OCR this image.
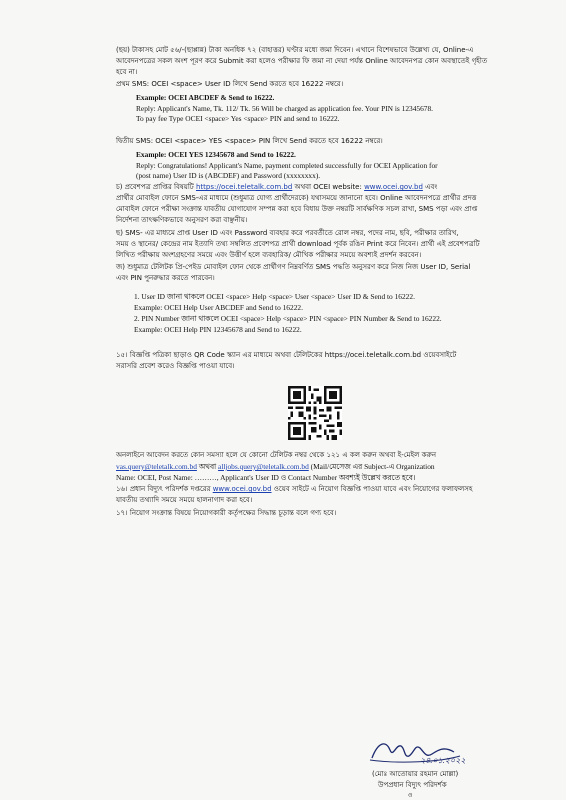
(ছয়) টাকাসহ মোট ৫৬/-(ছাপ্পান্ন) টাকা অনধিক ৭২ (বাহাত্তর) ঘণ্টার মধ্যে জমা দিবেন। এখানে বিশেষভাবে উল্লেখ্য যে, Online-এ
আবেদনপত্রের সকল অংশ পূরণ করে Submit করা হলেও পরীক্ষার ফি জমা না দেয়া পর্যন্ত Online আবেদনপত্র কোন অবস্থাতেই গৃহীত
হবে না।
প্রথম SMS: OCEI <space> User ID লিখে Send করতে হবে 16222 নম্বরে।
Example: OCEI ABCDEF & Send to 16222.
Reply: Applicant's Name, Tk. 112/ Tk. 56 Will be charged as application fee. Your PIN is 12345678.
To pay fee Type OCEI <space> Yes <space> PIN and send to 16222.
দ্বিতীয় SMS: OCEI <space> YES <space> PIN লিখে Send করতে হবে 16222 নম্বরে।
Example: OCEI YES 12345678 and Send to 16222.
Reply: Congratulations! Applicant's Name, payment completed successfully for OCEI Application for
(post name) User ID is (ABCDEF) and Password (xxxxxxxx).
চ) প্রবেশপত্র প্রাপ্তির বিষয়টি https://ocei.teletalk.com.bd অথবা OCEI website: www.ocei.gov.bd এবং
প্রার্থীর মোবাইল ফোনে SMS-এর মাধ্যমে (শুধুমাত্র যোগ্য প্রার্থীদেরকে) যথাসময়ে জানানো হবে। Online আবেদনপত্রে প্রার্থীর প্রদত্ত
মোবাইল ফোনে পরীক্ষা সংক্রান্ত যাবতীয় যোগাযোগ সম্পন্ন করা হবে বিধায় উক্ত নম্বরটি সার্বক্ষণিক সচল রাখা, SMS পড়া এবং প্রাপ্ত
নির্দেশনা তাৎক্ষণিকভাবে অনুসরণ করা বাঞ্ছনীয়।
ছ) SMS- এর মাধ্যমে প্রাপ্ত User ID এবং Password ব্যবহার করে পরবর্তীতে রোল নম্বর, পদের নাম, ছবি, পরীক্ষার তারিখ,
সময় ও স্থানের/ কেন্দ্রের নাম ইত্যাদি তথ্য সম্বলিত প্রবেশপত্র প্রার্থী download পূর্বক রঙিন Print করে নিবেন। প্রার্থী এই প্রবেশপত্রটি
লিখিত পরীক্ষায় অংশগ্রহণের সময়ে এবং উত্তীর্ণ হলে ব্যবহারিক/ মৌখিক পরীক্ষার সময়ে অবশ্যই প্রদর্শন করবেন।
জ) শুধুমাত্র টেলিটক প্রি-পেইড মোবাইল ফোন থেকে প্রার্থীগণ নিম্নবর্ণিত SMS পদ্ধতি অনুসরণ করে নিজ নিজ User ID, Serial
এবং PIN পুনরুদ্ধার করতে পারবেন।
1. User ID জানা থাকলে OCEI <space> Help <space> User <space> User ID & Send to 16222.
Example: OCEI Help User ABCDEF and Send to 16222.
2. PIN Number জানা থাকলে OCEI <space> Help <space> PIN <space> PIN Number & Send to 16222.
Example: OCEI Help PIN 12345678 and Send to 16222.
১৫। বিজ্ঞপ্তি পত্রিকা ছাড়াও QR Code স্ক্যান এর মাধ্যমে অথবা টেলিটকের https://ocei.teletalk.com.bd ওয়েবসাইটে
সরাসরি প্রবেশ করেও বিজ্ঞপ্তি পাওয়া যাবে।
অনলাইনে আবেদন করতে কোন সমস্যা হলে যে কোনো টেলিটক নম্বর থেকে ১২১ এ কল করুন অথবা ই-মেইল করুন
vas.query@teletalk.com.bd অথবা alljobs.query@teletalk.com.bd (Mail/মেসেজ এর Subject-এ Organization
Name: OCEI, Post Name: ………, Applicant's User ID ও Contact Number অবশ্যই উল্লেখ করতে হবে।
১৬। প্রধান বিদ্যুৎ পরিদর্শক দপ্তরের www.ocei.gov.bd ওয়েব সাইটে এ নিয়োগ বিজ্ঞপ্তি পাওয়া যাবে এবং নিয়োগের ফলাফলসহ
যাবতীয় তথ্যাদি সময়ে সময়ে হালনাগাদ করা হবে।
১৭। নিয়োগ সংক্রান্ত বিষয়ে নিয়োগকারী কর্তৃপক্ষের সিদ্ধান্ত চূড়ান্ত বলে গণ্য হবে।
২৪.০১.২০২২
(মোঃ আতোয়ার রহমান মোল্লা)
উপপ্রধান বিদ্যুৎ পরিদর্শক
ও
